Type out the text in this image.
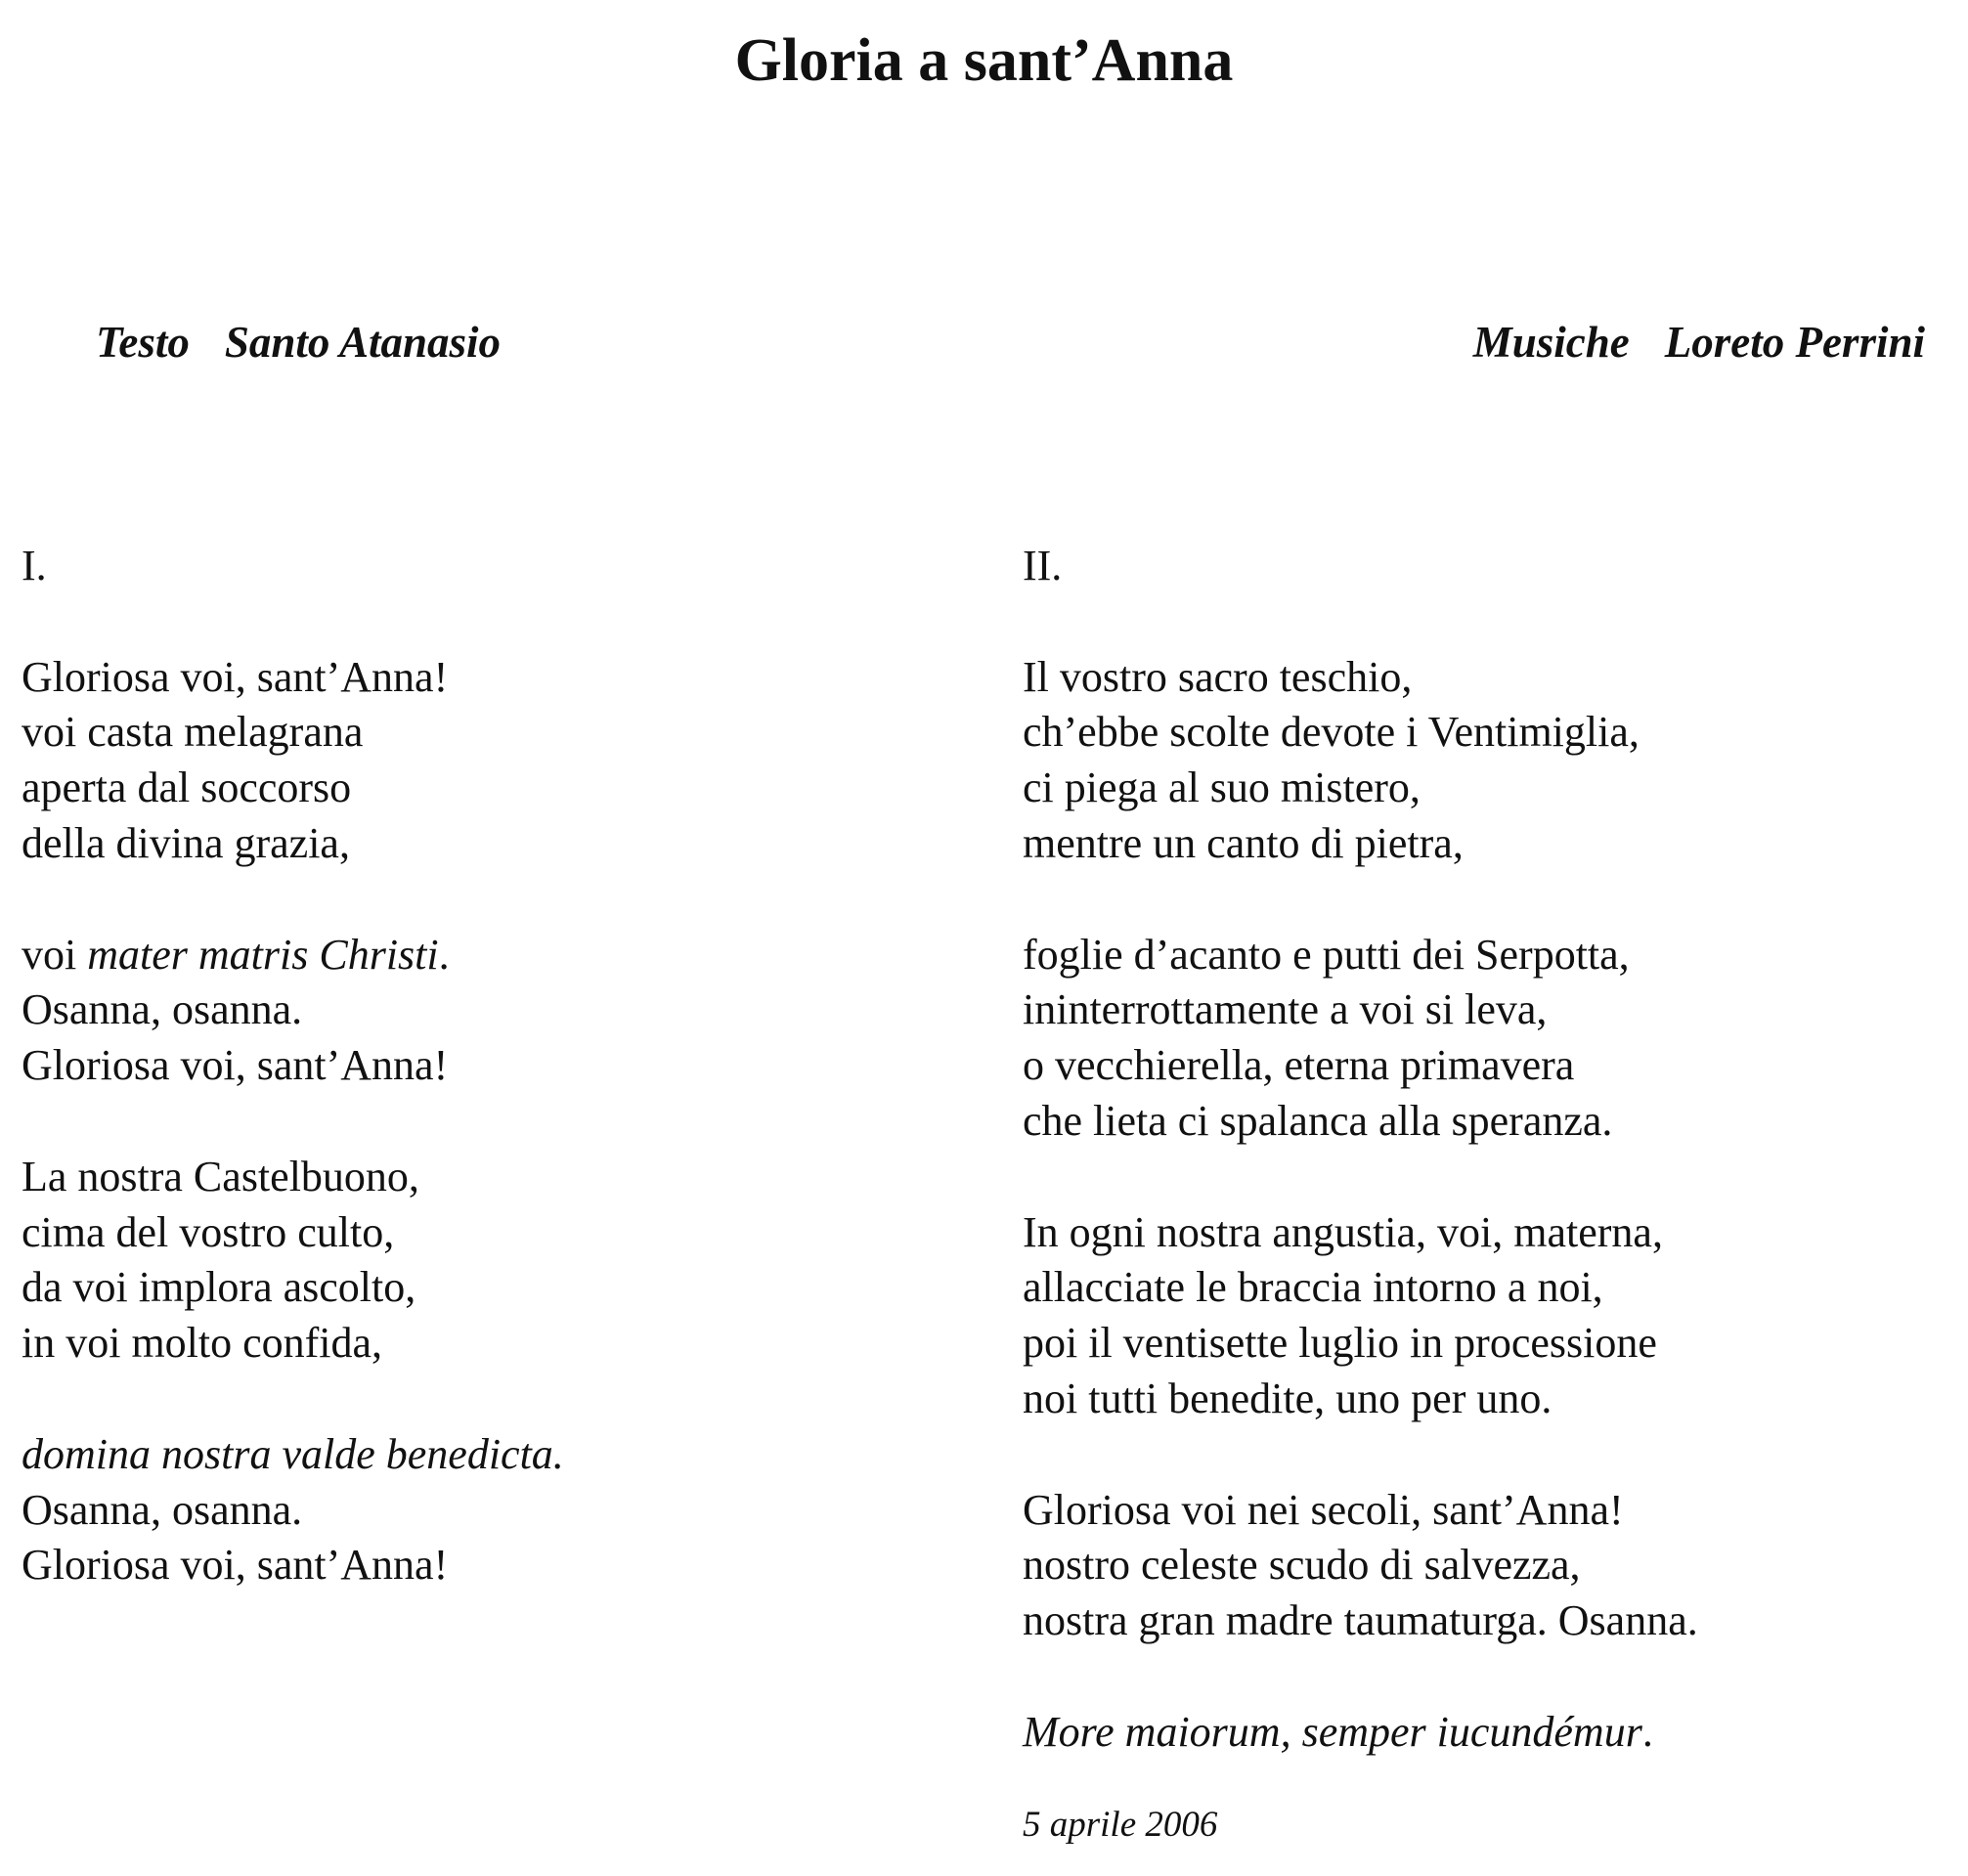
Gloria a sant’Anna
Testo Santo Atanasio	Musiche Loreto Perrini
I.
Gloriosa voi, sant’Anna!
voi casta melagrana
aperta dal soccorso
della divina grazia,
voi mater matris Christi.
Osanna, osanna.
Gloriosa voi, sant’Anna!
La nostra Castelbuono,
cima del vostro culto,
da voi implora ascolto,
in voi molto confida,
domina nostra valde benedicta.
Osanna, osanna.
Gloriosa voi, sant’Anna!
II.
Il vostro sacro teschio,
ch’ebbe scolte devote i Ventimiglia,
ci piega al suo mistero,
mentre un canto di pietra,
foglie d’acanto e putti dei Serpotta,
ininterrottamente a voi si leva,
o vecchierella, eterna primavera
che lieta ci spalanca alla speranza.
In ogni nostra angustia, voi, materna,
allacciate le braccia intorno a noi,
poi il ventisette luglio in processione
noi tutti benedite, uno per uno.
Gloriosa voi nei secoli, sant’Anna!
nostro celeste scudo di salvezza,
nostra gran madre taumaturga. Osanna.
More maiorum, semper iucundémur.
5 aprile 2006
